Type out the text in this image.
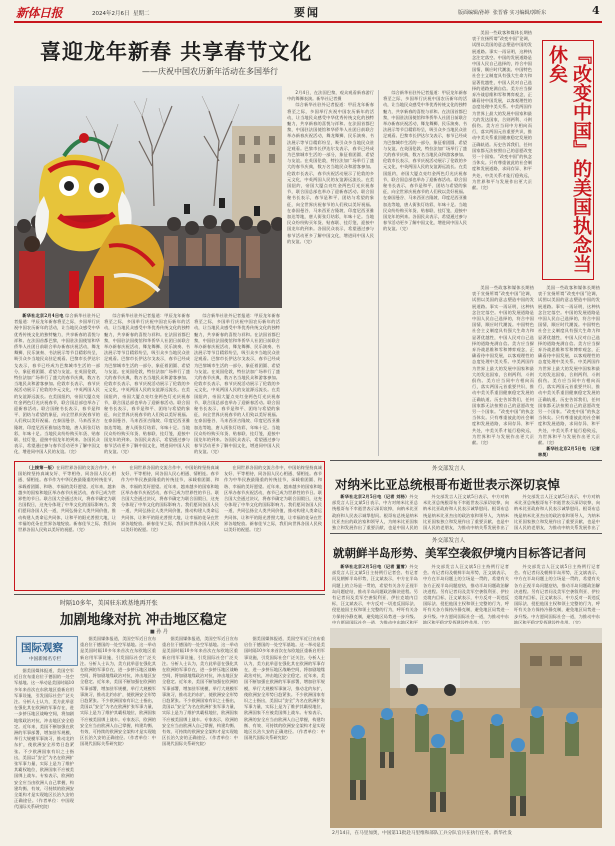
新体日报	2024年2月6日 星期二	要闻	版面编辑/孙婷 张晋睿 实习编辑/郭昕东	4
喜迎龙年新春 共享春节文化
——庆祝中国农历新年活动在多国举行

新华社北京2月4日电 综合新华社驻外记者报道：甲辰龙年新春将至之际，多国举行庆祝中国农历新年的活动，让当地民众感受中华优秀传统文化的独特魅力，共享新春的喜悦与祥和。在法国首都巴黎，中国驻法国使馆和华侨华人社团日前联合举办新春庆祝活动，舞龙舞狮、民乐演奏、书法展示等节目精彩纷呈，吸引众多当地民众驻足观看。巴黎市长伊达尔戈表示，春节已经成为巴黎城市生活的一部分，象征着团圆、希望与友谊。在英国伦敦，特拉法加广场举行了盛大的春节庆典，数万名当地民众和游客参加。伦敦市长表示，春节庆祝活动展示了伦敦的多元文化，中英两国人民的友谊源远流长。在美国纽约，帝国大厦点亮红金两色灯光庆祝春节，联合国总部也举办了迎新春活动。联合国秘书长表示，春节是和平、团结与希望的象征，向全世界庆祝春节的人们致以美好祝福。在泰国曼谷、马来西亚吉隆坡、印度尼西亚雅加达等地，唐人街张灯结彩，年味十足。当地民众纷纷购买年货、贴春联、挂灯笼，迎接中国龙年的到来。各国民众表示，希望通过参与春节活动更多了解中国文化，增进同中国人民的友谊。（完）

综合新华社驻外记者报道：甲辰龙年新春将至之际，多国举行庆祝中国农历新年的活动，让当地民众感受中华优秀传统文化的独特魅力，共享新春的喜悦与祥和。在法国首都巴黎，中国驻法国使馆和华侨华人社团日前联合举办新春庆祝活动，舞龙舞狮、民乐演奏、书法展示等节目精彩纷呈，吸引众多当地民众驻足观看。巴黎市长伊达尔戈表示，春节已经成为巴黎城市生活的一部分，象征着团圆、希望与友谊。在英国伦敦，特拉法加广场举行了盛大的春节庆典，数万名当地民众和游客参加。伦敦市长表示，春节庆祝活动展示了伦敦的多元文化，中英两国人民的友谊源远流长。在美国纽约，帝国大厦点亮红金两色灯光庆祝春节，联合国总部也举办了迎新春活动。联合国秘书长表示，春节是和平、团结与希望的象征，向全世界庆祝春节的人们致以美好祝福。在泰国曼谷、马来西亚吉隆坡、印度尼西亚雅加达等地，唐人街张灯结彩，年味十足。当地民众纷纷购买年货、贴春联、挂灯笼，迎接中国龙年的到来。各国民众表示，希望通过参与春节活动更多了解中国文化，增进同中国人民的友谊。（完）

综合新华社驻外记者报道：甲辰龙年新春将至之际，多国举行庆祝中国农历新年的活动，让当地民众感受中华优秀传统文化的独特魅力，共享新春的喜悦与祥和。在法国首都巴黎，中国驻法国使馆和华侨华人社团日前联合举办新春庆祝活动，舞龙舞狮、民乐演奏、书法展示等节目精彩纷呈，吸引众多当地民众驻足观看。巴黎市长伊达尔戈表示，春节已经成为巴黎城市生活的一部分，象征着团圆、希望与友谊。在英国伦敦，特拉法加广场举行了盛大的春节庆典，数万名当地民众和游客参加。伦敦市长表示，春节庆祝活动展示了伦敦的多元文化，中英两国人民的友谊源远流长。在美国纽约，帝国大厦点亮红金两色灯光庆祝春节，联合国总部也举办了迎新春活动。联合国秘书长表示，春节是和平、团结与希望的象征，向全世界庆祝春节的人们致以美好祝福。在泰国曼谷、马来西亚吉隆坡、印度尼西亚雅加达等地，唐人街张灯结彩，年味十足。当地民众纷纷购买年货、贴春联、挂灯笼，迎接中国龙年的到来。各国民众表示，希望通过参与春节活动更多了解中国文化，增进同中国人民的友谊。（完）

2月4日，在法国巴黎，观众观看新春游行中的舞狮表演。新华社记者摄

综合新华社驻外记者报道：甲辰龙年新春将至之际，多国举行庆祝中国农历新年的活动，让当地民众感受中华优秀传统文化的独特魅力，共享新春的喜悦与祥和。在法国首都巴黎，中国驻法国使馆和华侨华人社团日前联合举办新春庆祝活动，舞龙舞狮、民乐演奏、书法展示等节目精彩纷呈，吸引众多当地民众驻足观看。巴黎市长伊达尔戈表示，春节已经成为巴黎城市生活的一部分，象征着团圆、希望与友谊。在英国伦敦，特拉法加广场举行了盛大的春节庆典，数万名当地民众和游客参加。伦敦市长表示，春节庆祝活动展示了伦敦的多元文化，中英两国人民的友谊源远流长。在美国纽约，帝国大厦点亮红金两色灯光庆祝春节，联合国总部也举办了迎新春活动。联合国秘书长表示，春节是和平、团结与希望的象征，向全世界庆祝春节的人们致以美好祝福。在泰国曼谷、马来西亚吉隆坡、印度尼西亚雅加达等地，唐人街张灯结彩，年味十足。当地民众纷纷购买年货、贴春联、挂灯笼，迎接中国龙年的到来。各国民众表示，希望通过参与春节活动更多了解中国文化，增进同中国人民的友谊。（完）

综合新华社驻外记者报道：甲辰龙年新春将至之际，多国举行庆祝中国农历新年的活动，让当地民众感受中华优秀传统文化的独特魅力，共享新春的喜悦与祥和。在法国首都巴黎，中国驻法国使馆和华侨华人社团日前联合举办新春庆祝活动，舞龙舞狮、民乐演奏、书法展示等节目精彩纷呈，吸引众多当地民众驻足观看。巴黎市长伊达尔戈表示，春节已经成为巴黎城市生活的一部分，象征着团圆、希望与友谊。在英国伦敦，特拉法加广场举行了盛大的春节庆典，数万名当地民众和游客参加。伦敦市长表示，春节庆祝活动展示了伦敦的多元文化，中英两国人民的友谊源远流长。在美国纽约，帝国大厦点亮红金两色灯光庆祝春节，联合国总部也举办了迎新春活动。联合国秘书长表示，春节是和平、团结与希望的象征，向全世界庆祝春节的人们致以美好祝福。在泰国曼谷、马来西亚吉隆坡、印度尼西亚雅加达等地，唐人街张灯结彩，年味十足。当地民众纷纷购买年货、贴春联、挂灯笼，迎接中国龙年的到来。各国民众表示，希望通过参与春节活动更多了解中国文化，增进同中国人民的友谊。（完）

美国一些政客和媒体长期热衷于宣扬所谓“改变中国”论调，试图以美国的意志塑造中国的发展道路。事实一再证明，这种执念注定落空。中国的发展道路是中国人民自己选择的，符合中国国情，顺应时代潮流。中国特色社会主义制度具有强大生命力和显著优越性，中国人民对自己选择的道路充满自信。美方应当摒弃冷战思维和零和博弈观念，正确看待中国发展，以客观理性的态度处理中美关系。中美两国作为世界上最大的发展中国家和最大的发达国家，合则两利、斗则俱伤。美方应当同中方相向而行，落实两国元首重要共识，推动中美关系重回健康稳定发展的正确轨道。历史告诉我们，任何国家都无法按照自己的意愿改变另一个国家。“改变中国”的执念当休矣。只有尊重彼此的社会制度和发展道路，求同存异、和平共处，中美关系才能行稳致远，为世界和平与发展作出更大贡献。（完）	『改变中国』的美国执念当休矣

美国一些政客和媒体长期热衷于宣扬所谓“改变中国”论调，试图以美国的意志塑造中国的发展道路。事实一再证明，这种执念注定落空。中国的发展道路是中国人民自己选择的，符合中国国情，顺应时代潮流。中国特色社会主义制度具有强大生命力和显著优越性，中国人民对自己选择的道路充满自信。美方应当摒弃冷战思维和零和博弈观念，正确看待中国发展，以客观理性的态度处理中美关系。中美两国作为世界上最大的发展中国家和最大的发达国家，合则两利、斗则俱伤。美方应当同中方相向而行，落实两国元首重要共识，推动中美关系重回健康稳定发展的正确轨道。历史告诉我们，任何国家都无法按照自己的意愿改变另一个国家。“改变中国”的执念当休矣。只有尊重彼此的社会制度和发展道路，求同存异、和平共处，中美关系才能行稳致远，为世界和平与发展作出更大贡献。（完）

美国一些政客和媒体长期热衷于宣扬所谓“改变中国”论调，试图以美国的意志塑造中国的发展道路。事实一再证明，这种执念注定落空。中国的发展道路是中国人民自己选择的，符合中国国情，顺应时代潮流。中国特色社会主义制度具有强大生命力和显著优越性，中国人民对自己选择的道路充满自信。美方应当摒弃冷战思维和零和博弈观念，正确看待中国发展，以客观理性的态度处理中美关系。中美两国作为世界上最大的发展中国家和最大的发达国家，合则两利、斗则俱伤。美方应当同中方相向而行，落实两国元首重要共识，推动中美关系重回健康稳定发展的正确轨道。历史告诉我们，任何国家都无法按照自己的意愿改变另一个国家。“改变中国”的执念当休矣。只有尊重彼此的社会制度和发展道路，求同存异、和平共处，中美关系才能行稳致远，为世界和平与发展作出更大贡献。（完）

新华社北京2月5日电 （记者 林昊）

（上接第一版）在同世界各国的交流合作中，中国始终坚持真诚友好、平等相待，同各国人民心相通、情相连。春节作为中华民族最隆重的传统佳节，承载着团圆、和谐、幸福的美好愿望。近年来，越来越多的国家和地区举办春节庆祝活动，春节已成为世界性的节日。联合国大会通过决议，将春节确定为联合国假日，这充分体现了中华文化的国际影响力。我们愿同各国人民一道，共同弘扬全人类共同价值，推动构建人类命运共同体，让和平的阳光普照大地，让幸福的花朵在世界各地绽放。新春佳节之际，我们向世界各国人民致以美好的祝愿。（完）

在同世界各国的交流合作中，中国始终坚持真诚友好、平等相待，同各国人民心相通、情相连。春节作为中华民族最隆重的传统佳节，承载着团圆、和谐、幸福的美好愿望。近年来，越来越多的国家和地区举办春节庆祝活动，春节已成为世界性的节日。联合国大会通过决议，将春节确定为联合国假日，这充分体现了中华文化的国际影响力。我们愿同各国人民一道，共同弘扬全人类共同价值，推动构建人类命运共同体，让和平的阳光普照大地，让幸福的花朵在世界各地绽放。新春佳节之际，我们向世界各国人民致以美好的祝愿。（完）

在同世界各国的交流合作中，中国始终坚持真诚友好、平等相待，同各国人民心相通、情相连。春节作为中华民族最隆重的传统佳节，承载着团圆、和谐、幸福的美好愿望。近年来，越来越多的国家和地区举办春节庆祝活动，春节已成为世界性的节日。联合国大会通过决议，将春节确定为联合国假日，这充分体现了中华文化的国际影响力。我们愿同各国人民一道，共同弘扬全人类共同价值，推动构建人类命运共同体，让和平的阳光普照大地，让幸福的花朵在世界各地绽放。新春佳节之际，我们向世界各国人民致以美好的祝愿。（完）

外交部发言人
对纳米比亚总统根哥布逝世表示深切哀悼

新华社北京2月5日电（记者 刘杨）外交部发言人汪文斌5日表示，中方对纳米比亚总统根哥布不幸逝世表示深切哀悼，向纳米比亚政府和人民表示诚挚慰问。根哥布总统是纳米比亚杰出的政治家和领导人，为纳米比亚国家独立和发展作出了重要贡献，也是中国人民的

外交部发言人汪文斌5日表示，中方对纳米比亚总统根哥布不幸逝世表示深切哀悼，向纳米比亚政府和人民表示诚挚慰问。根哥布总统是纳米比亚杰出的政治家和领导人，为纳米比亚国家独立和发展作出了重要贡献，也是中国人民的老朋友，为推动中纳关系发展作出了

外交部发言人汪文斌5日表示，中方对纳米比亚总统根哥布不幸逝世表示深切哀悼，向纳米比亚政府和人民表示诚挚慰问。根哥布总统是纳米比亚杰出的政治家和领导人，为纳米比亚国家独立和发展作出了重要贡献，也是中国人民的老朋友，为推动中纳关系发展作出了

外交部发言人
就朝鲜半岛形势、美军空袭叙伊境内目标答记者问

新华社北京2月5日电（记者 董雪）外交部发言人汪文斌5日主持例行记者会。有记者问及朝鲜半岛形势，汪文斌表示，中方在半岛问题上的立场是一贯的，希望有关各方正视半岛问题症结，推动半岛问题政治解决进程。另有记者问及美军空袭叙利亚、伊拉克境内目标，汪文斌表示，中方反对一切违反国际法、侵犯他国主权和领土完整的行为，呼吁有关各方保持冷静克制，避免地区局势进一步升级。中方愿同国际社会一道，为推动中东地区和平

外交部发言人汪文斌5日主持例行记者会。有记者问及朝鲜半岛形势，汪文斌表示，中方在半岛问题上的立场是一贯的，希望有关各方正视半岛问题症结，推动半岛问题政治解决进程。另有记者问及美军空袭叙利亚、伊拉克境内目标，汪文斌表示，中方反对一切违反国际法、侵犯他国主权和领土完整的行为，呼吁有关各方保持冷静克制，避免地区局势进一步升级。中方愿同国际社会一道，为推动中东地区和平稳定发挥建设性作用。（完）

外交部发言人汪文斌5日主持例行记者会。有记者问及朝鲜半岛形势，汪文斌表示，中方在半岛问题上的立场是一贯的，希望有关各方正视半岛问题症结，推动半岛问题政治解决进程。另有记者问及美军空袭叙利亚、伊拉克境内目标，汪文斌表示，中方反对一切违反国际法、侵犯他国主权和领土完整的行为，呼吁有关各方保持冷静克制，避免地区局势进一步升级。中方愿同国际社会一道，为推动中东地区和平稳定发挥建设性作用。（完）

时隔10多年，美国驻东欧基地再开张
加剧地缘对抗 冲击地区稳定
■ 孙 丹
国际观察
中国新闻名专栏

据美国媒体报道，美国空军近日宣布重启位于德国的一处空军基地。这一举动是美国时隔10多年来首次在东欧地区重新启用军事设施，引发国际社会广泛关注。分析人士认为，美方此举意在强化其在欧洲的军事存在，进一步挤压地区战略空间，将加剧地缘政治对抗，冲击地区安全稳定。近年来，美国不断加强在欧洲的军事部署，增加驻军规模，举行大规模军事演习，推动北约东扩，使欧洲安全形势日趋紧张。不少欧洲国家有识之士指出，美国以“安全”为名在欧洲扩张军事力量，实际上是为了维护其霸权地位，欧洲国家不应被美国绑上战车。专家表示，欧洲的安全应当由欧洲人自己掌握，构建均衡、有效、可持续的欧洲安全架构才是实现地区长治久安的正确途径。（作者单位：中国现代国际关系研究院）

据美国媒体报道，美国空军近日宣布重启位于德国的一处空军基地。这一举动是美国时隔10多年来首次在东欧地区重新启用军事设施，引发国际社会广泛关注。分析人士认为，美方此举意在强化其在欧洲的军事存在，进一步挤压地区战略空间，将加剧地缘政治对抗，冲击地区安全稳定。近年来，美国不断加强在欧洲的军事部署，增加驻军规模，举行大规模军事演习，推动北约东扩，使欧洲安全形势日趋紧张。不少欧洲国家有识之士指出，美国以“安全”为名在欧洲扩张军事力量，实际上是为了维护其霸权地位，欧洲国家不应被美国绑上战车。专家表示，欧洲的安全应当由欧洲人自己掌握，构建均衡、有效、可持续的欧洲安全架构才是实现地区长治久安的正确途径。（作者单位：中国现代国际关系研究院）

据美国媒体报道，美国空军近日宣布重启位于德国的一处空军基地。这一举动是美国时隔10多年来首次在东欧地区重新启用军事设施，引发国际社会广泛关注。分析人士认为，美方此举意在强化其在欧洲的军事存在，进一步挤压地区战略空间，将加剧地缘政治对抗，冲击地区安全稳定。近年来，美国不断加强在欧洲的军事部署，增加驻军规模，举行大规模军事演习，推动北约东扩，使欧洲安全形势日趋紧张。不少欧洲国家有识之士指出，美国以“安全”为名在欧洲扩张军事力量，实际上是为了维护其霸权地位，欧洲国家不应被美国绑上战车。专家表示，欧洲的安全应当由欧洲人自己掌握，构建均衡、有效、可持续的欧洲安全架构才是实现地区长治久安的正确途径。（作者单位：中国现代国际关系研究院）

据美国媒体报道，美国空军近日宣布重启位于德国的一处空军基地。这一举动是美国时隔10多年来首次在东欧地区重新启用军事设施，引发国际社会广泛关注。分析人士认为，美方此举意在强化其在欧洲的军事存在，进一步挤压地区战略空间，将加剧地缘政治对抗，冲击地区安全稳定。近年来，美国不断加强在欧洲的军事部署，增加驻军规模，举行大规模军事演习，推动北约东扩，使欧洲安全形势日趋紧张。不少欧洲国家有识之士指出，美国以“安全”为名在欧洲扩张军事力量，实际上是为了维护其霸权地位，欧洲国家不应被美国绑上战车。专家表示，欧洲的安全应当由欧洲人自己掌握，构建均衡、有效、可持续的欧洲安全架构才是实现地区长治久安的正确途径。（作者单位：中国现代国际关系研究院）

2月14日，在马里加奥，中国第11批赴马里维和部队工兵分队官兵在执行任务。新华社发
